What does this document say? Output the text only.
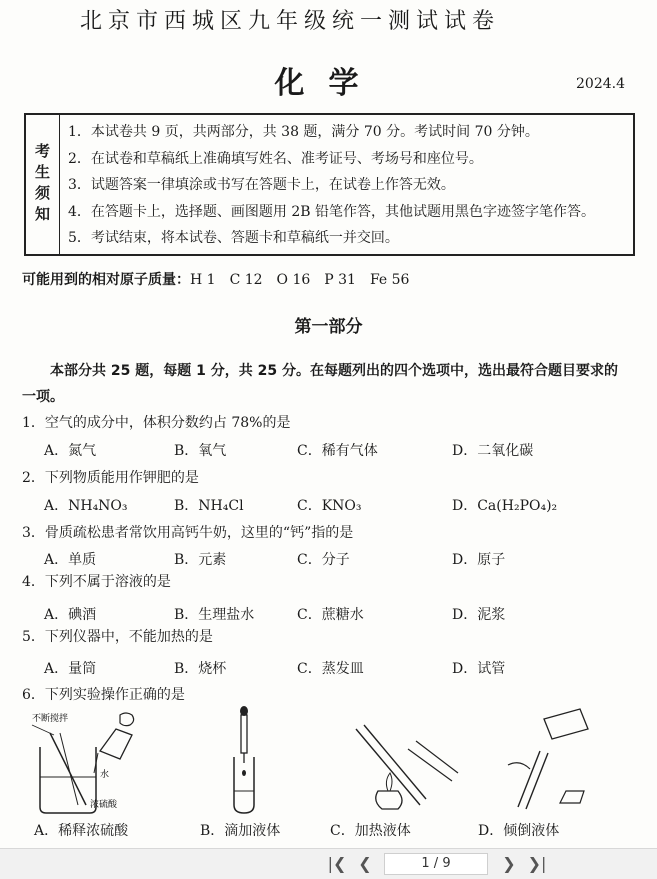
北京市西城区九年级统一测试试卷
化学	2024.4
考生须知
1．本试卷共 9 页，共两部分，共 38 题，满分 70 分。考试时间 70 分钟。
2．在试卷和草稿纸上准确填写姓名、准考证号、考场号和座位号。
3．试题答案一律填涂或书写在答题卡上，在试卷上作答无效。
4．在答题卡上，选择题、画图题用 2B 铅笔作答，其他试题用黑色字迹签字笔作答。
5．考试结束，将本试卷、答题卡和草稿纸一并交回。
可能用到的相对原子质量：H 1　C 12　O 16　P 31　Fe 56
第一部分
本部分共 25 题，每题 1 分，共 25 分。在每题列出的四个选项中，选出最符合题目要求的一项。
1．空气的成分中，体积分数约占 78%的是
A．氮气	B．氧气	C．稀有气体	D．二氧化碳
2．下列物质能用作钾肥的是
A．NH₄NO₃	B．NH₄Cl	C．KNO₃	D．Ca(H₂PO₄)₂
3．骨质疏松患者常饮用高钙牛奶，这里的“钙”指的是
A．单质	B．元素	C．分子	D．原子
4．下列不属于溶液的是
A．碘酒	B．生理盐水	C．蔗糖水	D．泥浆
5．下列仪器中，不能加热的是
A．量筒	B．烧杯	C．蒸发皿	D．试管
6．下列实验操作正确的是
不断搅拌
水
浓硫酸
A．稀释浓硫酸	B．滴加液体	C．加热液体	D．倾倒液体
|❮ ❮	1 / 9	❯ ❯|
